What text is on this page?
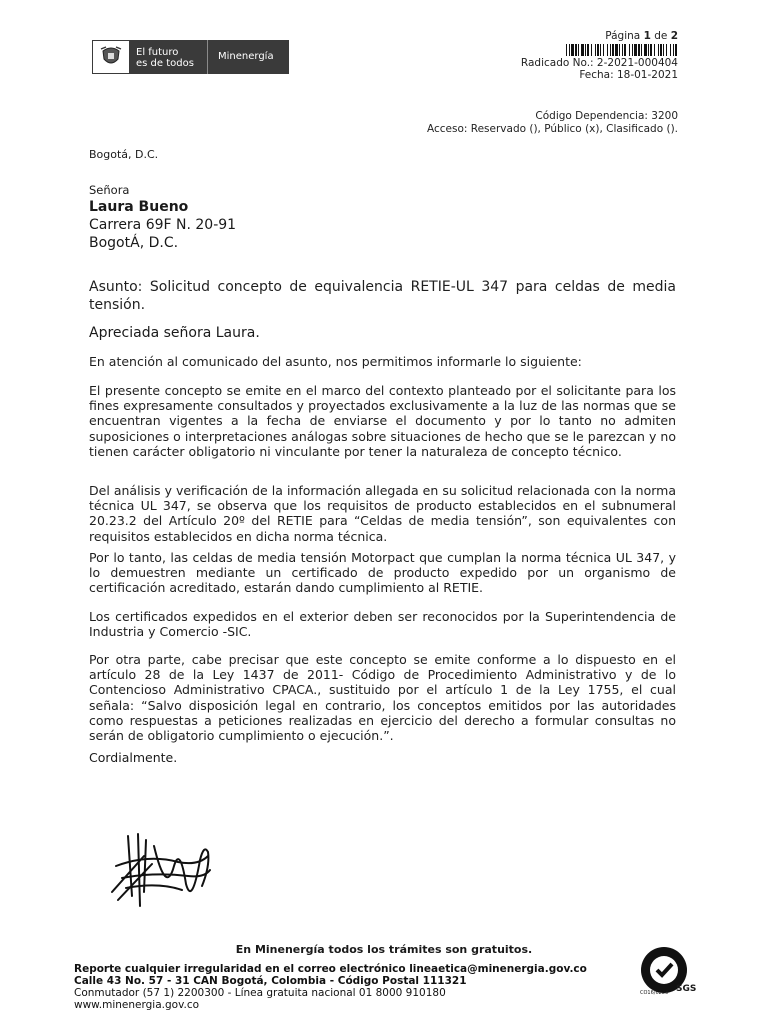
El futuro
es de todos
Minenergía
Página 1 de 2
Radicado No.: 2-2021-000404
Fecha: 18-01-2021
Código Dependencia: 3200
Acceso: Reservado (), Público (x), Clasificado ().
Bogotá, D.C.
Señora
Laura Bueno
Carrera 69F N. 20-91
BogotÁ, D.C.
Asunto: Solicitud concepto de equivalencia RETIE-UL 347 para celdas de media tensión.
Apreciada señora Laura.
En atención al comunicado del asunto, nos permitimos informarle lo siguiente:
El presente concepto se emite en el marco del contexto planteado por el solicitante para los fines expresamente consultados y proyectados exclusivamente a la luz de las normas que se encuentran vigentes a la fecha de enviarse el documento y por lo tanto no admiten suposiciones o interpretaciones análogas sobre situaciones de hecho que se le parezcan y no tienen carácter obligatorio ni vinculante por tener la naturaleza de concepto técnico.
Del análisis y verificación de la información allegada en su solicitud relacionada con la norma técnica UL 347, se observa que los requisitos de producto establecidos en el subnumeral 20.23.2 del Artículo 20º del RETIE para “Celdas de media tensión”, son equivalentes con requisitos establecidos en dicha norma técnica.
Por lo tanto, las celdas de media tensión Motorpact que cumplan la norma técnica UL 347, y lo demuestren mediante un certificado de producto expedido por un organismo de certificación acreditado, estarán dando cumplimiento al RETIE.
Los certificados expedidos en el exterior deben ser reconocidos por la Superintendencia de Industria y Comercio -SIC.
Por otra parte, cabe precisar que este concepto se emite conforme a lo dispuesto en el artículo 28 de la Ley 1437 de 2011- Código de Procedimiento Administrativo y de lo Contencioso Administrativo CPACA., sustituido por el artículo 1 de la Ley 1755, el cual señala: “Salvo disposición legal en contrario, los conceptos emitidos por las autoridades como respuestas a peticiones realizadas en ejercicio del derecho a formular consultas no serán de obligatorio cumplimiento o ejecución.”.
Cordialmente.
En Minenergía todos los trámites son gratuitos.
Reporte cualquier irregularidad en el correo electrónico lineaetica@minenergia.gov.co
Calle 43 No. 57 - 31 CAN Bogotá, Colombia - Código Postal 111321
Conmutador (57 1) 2200300 - Línea gratuita nacional 01 8000 910180
www.minenergia.gov.co
SGS
CO16/6223
